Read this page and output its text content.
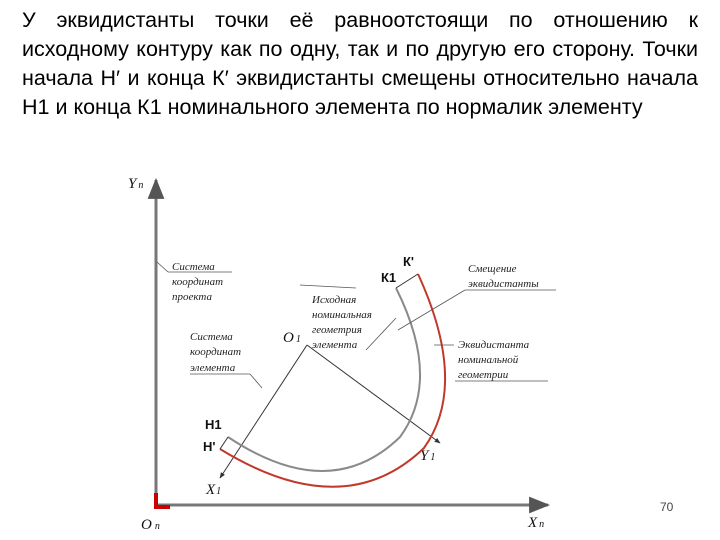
У эквидистанты точки её равноотстоящи по отношению к исходному контуру как по одну, так и по другую его сторону. Точки начала Н′ и конца К′ эквидистанты смещены относительно начала Н1 и конца К1 номинального элемента по нормалик элементу

Yп
Xп
Oп
O 1
X1
Y 1
К'
К1
Н1
Н'
Система
координат
проекта
Система
координат
элемента
Исходная
номинальная
геометрия
элемента
Смещение
эквидистанты
Эквидистанта
номинальной
геометрии
70
